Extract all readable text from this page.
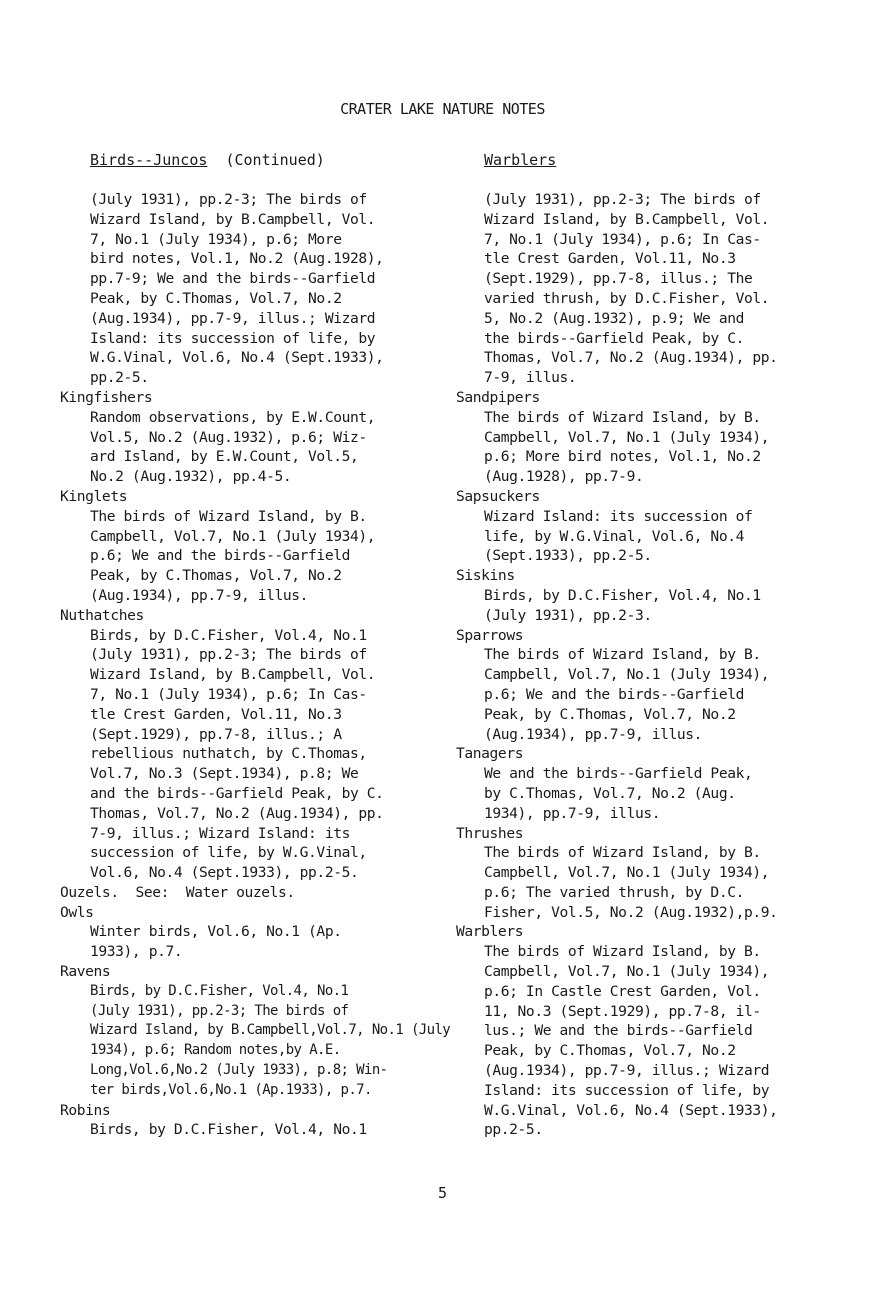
CRATER LAKE NATURE NOTES
Birds--Juncos (Continued)
(July 1931), pp.2-3; The birds of
Wizard Island, by B.Campbell, Vol.
7, No.1 (July 1934), p.6; More
bird notes, Vol.1, No.2 (Aug.1928),
pp.7-9; We and the birds--Garfield
Peak, by C.Thomas, Vol.7, No.2
(Aug.1934), pp.7-9, illus.; Wizard
Island: its succession of life, by
W.G.Vinal, Vol.6, No.4 (Sept.1933),
pp.2-5.
Kingfishers
Random observations, by E.W.Count,
Vol.5, No.2 (Aug.1932), p.6; Wiz-
ard Island, by E.W.Count, Vol.5,
No.2 (Aug.1932), pp.4-5.
Kinglets
The birds of Wizard Island, by B.
Campbell, Vol.7, No.1 (July 1934),
p.6; We and the birds--Garfield
Peak, by C.Thomas, Vol.7, No.2
(Aug.1934), pp.7-9, illus.
Nuthatches
Birds, by D.C.Fisher, Vol.4, No.1
(July 1931), pp.2-3; The birds of
Wizard Island, by B.Campbell, Vol.
7, No.1 (July 1934), p.6; In Cas-
tle Crest Garden, Vol.11, No.3
(Sept.1929), pp.7-8, illus.; A
rebellious nuthatch, by C.Thomas,
Vol.7, No.3 (Sept.1934), p.8; We
and the birds--Garfield Peak, by C.
Thomas, Vol.7, No.2 (Aug.1934), pp.
7-9, illus.; Wizard Island: its
succession of life, by W.G.Vinal,
Vol.6, No.4 (Sept.1933), pp.2-5.
Ouzels.  See:  Water ouzels.
Owls
Winter birds, Vol.6, No.1 (Ap.
1933), p.7.
Ravens
Birds, by D.C.Fisher, Vol.4, No.1
(July 1931), pp.2-3; The birds of
Wizard Island, by B.Campbell,Vol.7, No.1 (July
1934), p.6; Random notes,by A.E.
Long,Vol.6,No.2 (July 1933), p.8; Win-
ter birds,Vol.6,No.1 (Ap.1933), p.7.
Robins
Birds, by D.C.Fisher, Vol.4, No.1
Warblers
(July 1931), pp.2-3; The birds of
Wizard Island, by B.Campbell, Vol.
7, No.1 (July 1934), p.6; In Cas-
tle Crest Garden, Vol.11, No.3
(Sept.1929), pp.7-8, illus.; The
varied thrush, by D.C.Fisher, Vol.
5, No.2 (Aug.1932), p.9; We and
the birds--Garfield Peak, by C.
Thomas, Vol.7, No.2 (Aug.1934), pp.
7-9, illus.
Sandpipers
The birds of Wizard Island, by B.
Campbell, Vol.7, No.1 (July 1934),
p.6; More bird notes, Vol.1, No.2
(Aug.1928), pp.7-9.
Sapsuckers
Wizard Island: its succession of
life, by W.G.Vinal, Vol.6, No.4
(Sept.1933), pp.2-5.
Siskins
Birds, by D.C.Fisher, Vol.4, No.1
(July 1931), pp.2-3.
Sparrows
The birds of Wizard Island, by B.
Campbell, Vol.7, No.1 (July 1934),
p.6; We and the birds--Garfield
Peak, by C.Thomas, Vol.7, No.2
(Aug.1934), pp.7-9, illus.
Tanagers
We and the birds--Garfield Peak,
by C.Thomas, Vol.7, No.2 (Aug.
1934), pp.7-9, illus.
Thrushes
The birds of Wizard Island, by B.
Campbell, Vol.7, No.1 (July 1934),
p.6; The varied thrush, by D.C.
Fisher, Vol.5, No.2 (Aug.1932),p.9.
Warblers
The birds of Wizard Island, by B.
Campbell, Vol.7, No.1 (July 1934),
p.6; In Castle Crest Garden, Vol.
11, No.3 (Sept.1929), pp.7-8, il-
lus.; We and the birds--Garfield
Peak, by C.Thomas, Vol.7, No.2
(Aug.1934), pp.7-9, illus.; Wizard
Island: its succession of life, by
W.G.Vinal, Vol.6, No.4 (Sept.1933),
pp.2-5.
5
